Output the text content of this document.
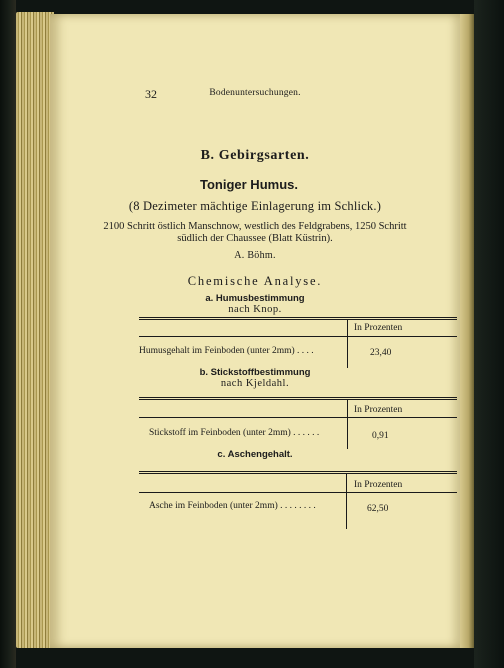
32	Bodenuntersuchungen.
B. Gebirgsarten.
Toniger Humus.
(8 Dezimeter mächtige Einlagerung im Schlick.)
2100 Schritt östlich Manschnow, westlich des Feldgrabens, 1250 Schritt
südlich der Chaussee (Blatt Küstrin).
A. Böhm.
Chemische Analyse.
a. Humusbestimmung
nach Knop.
In Prozenten
Humusgehalt im Feinboden (unter 2mm) . . . .	23,40
b. Stickstoffbestimmung
nach Kjeldahl.
In Prozenten
Stickstoff im Feinboden (unter 2mm) . . . . . .	0,91
c. Aschengehalt.
In Prozenten
Asche im Feinboden (unter 2mm) . . . . . . . .	62,50
